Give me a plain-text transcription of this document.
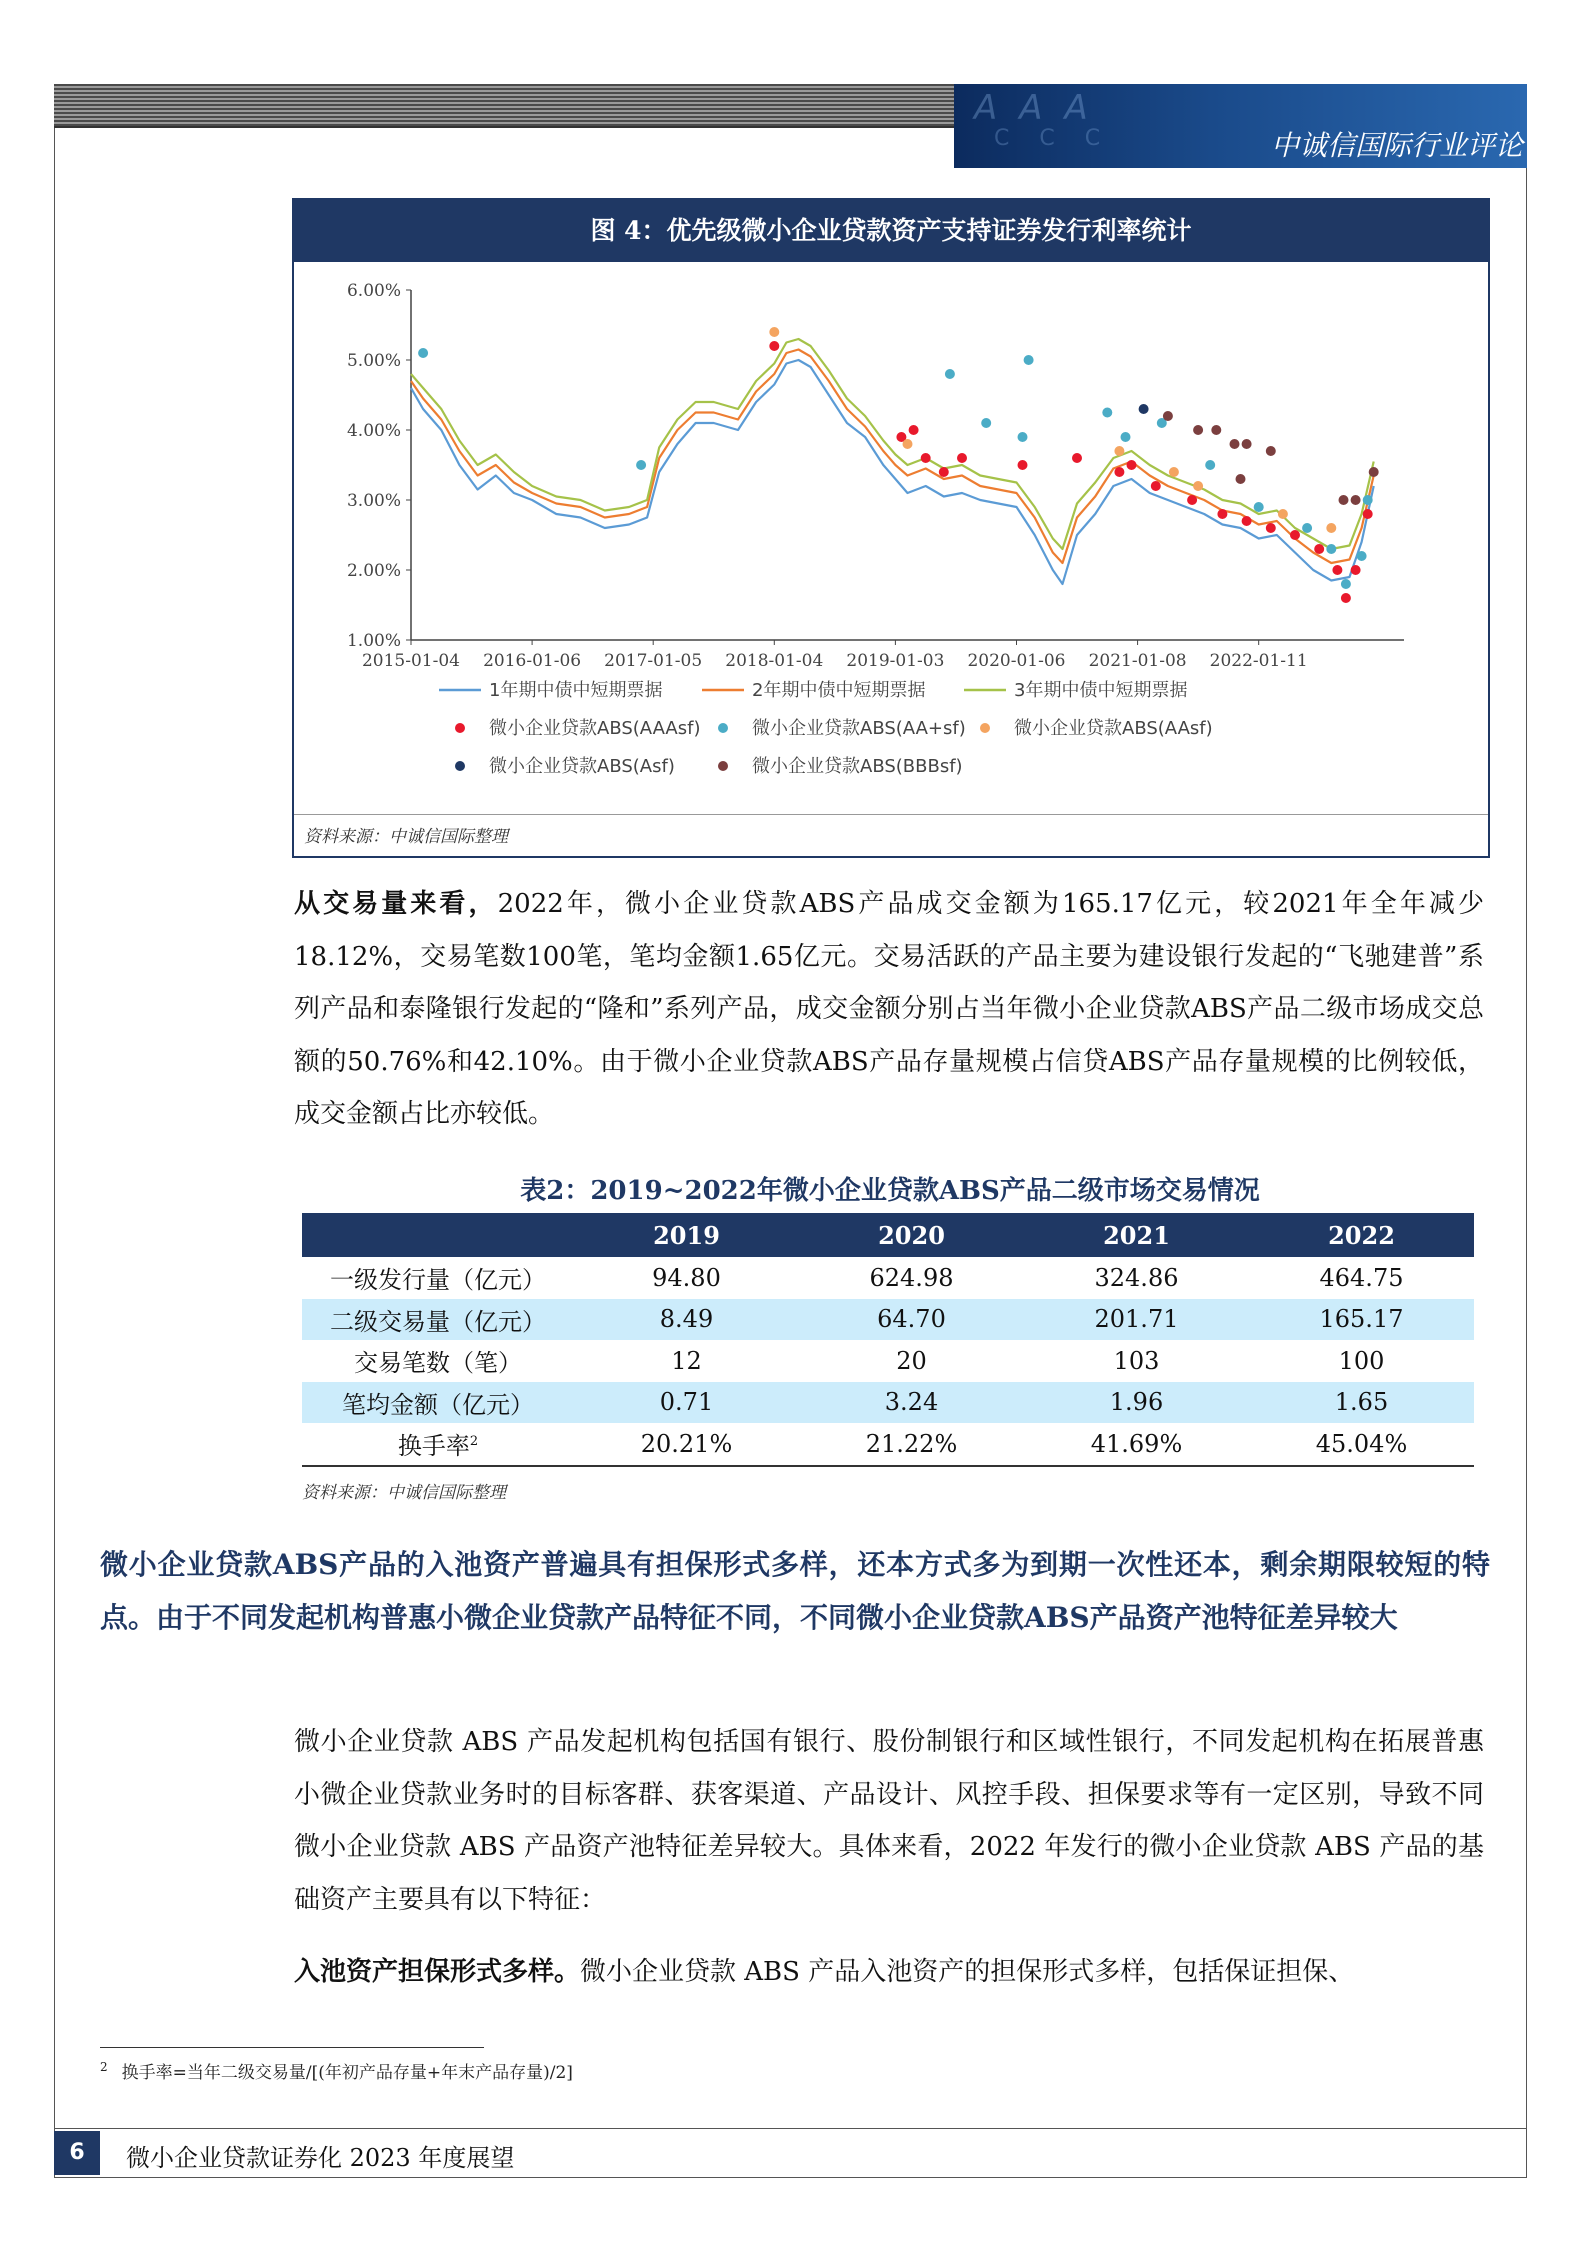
AAA
CCC	中诚信国际行业评论
图 4：优先级微小企业贷款资产支持证券发行利率统计
6.00%
5.00%
4.00%
3.00%
2.00%
1.00%
2015-01-04 2016-01-06 2017-01-05 2018-01-04 2019-01-03 2020-01-06 2021-01-08 2022-01-11
1年期中债中短期票据	2年期中债中短期票据	3年期中债中短期票据
微小企业贷款ABS(AAAsf)	微小企业贷款ABS(AA+sf)	微小企业贷款ABS(AAsf)
微小企业贷款ABS(Asf)	微小企业贷款ABS(BBBsf)
资料来源：中诚信国际整理
从交易量来看，2022年，微小企业贷款ABS产品成交金额为165.17亿元，较2021年全年减少18.12%，交易笔数100笔，笔均金额1.65亿元。交易活跃的产品主要为建设银行发起的“飞驰建普”系列产品和泰隆银行发起的“隆和”系列产品，成交金额分别占当年微小企业贷款ABS产品二级市场成交总额的50.76%和42.10%。由于微小企业贷款ABS产品存量规模占信贷ABS产品存量规模的比例较低，成交金额占比亦较低。
表2：2019~2022年微小企业贷款ABS产品二级市场交易情况
	2019	2020	2021	2022
一级发行量（亿元）	94.80	624.98	324.86	464.75
二级交易量（亿元）	8.49	64.70	201.71	165.17
交易笔数（笔）	12	20	103	100
笔均金额（亿元）	0.71	3.24	1.96	1.65
换手率$^2$	20.21%	21.22%	41.69%	45.04%
资料来源：中诚信国际整理
微小企业贷款ABS产品的入池资产普遍具有担保形式多样，还本方式多为到期一次性还本，剩余期限较短的特点。由于不同发起机构普惠小微企业贷款产品特征不同，不同微小企业贷款ABS产品资产池特征差异较大
微小企业贷款 ABS 产品发起机构包括国有银行、股份制银行和区域性银行，不同发起机构在拓展普惠小微企业贷款业务时的目标客群、获客渠道、产品设计、风控手段、担保要求等有一定区别，导致不同微小企业贷款 ABS 产品资产池特征差异较大。具体来看，2022 年发行的微小企业贷款 ABS 产品的基础资产主要具有以下特征：
入池资产担保形式多样。微小企业贷款 ABS 产品入池资产的担保形式多样，包括保证担保、
$^2$ 换手率=当年二级交易量/[(年初产品存量+年末产品存量)/2]
6	微小企业贷款证券化 2023 年度展望
